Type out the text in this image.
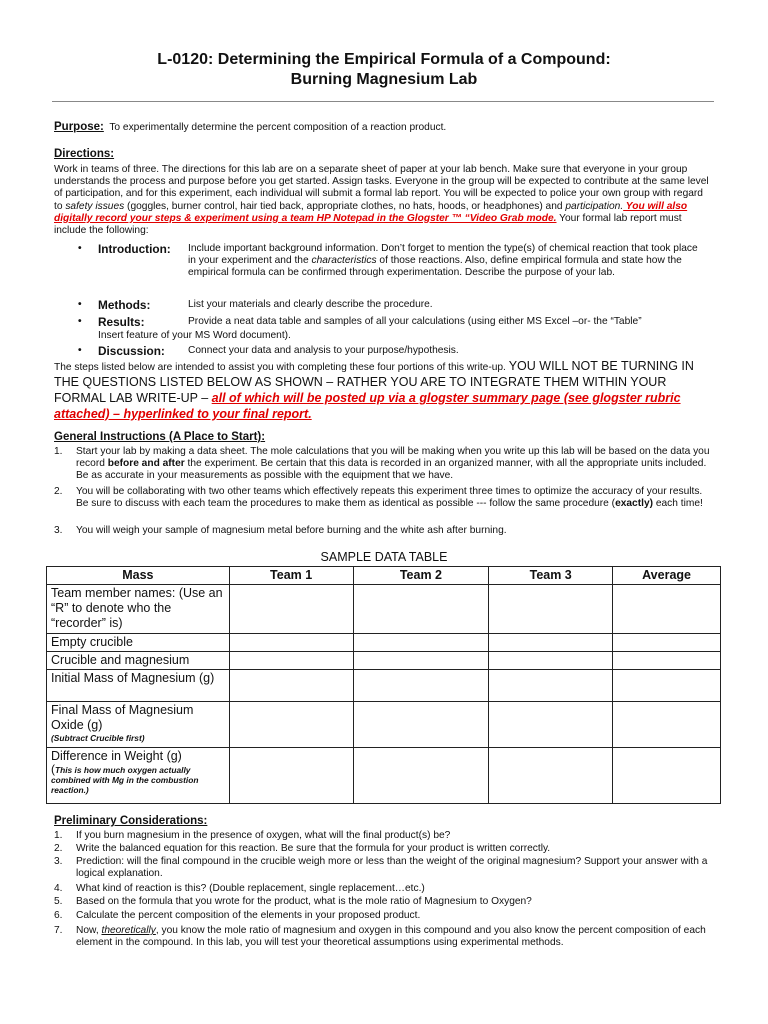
L-0120: Determining the Empirical Formula of a Compound:

Burning Magnesium Lab

Purpose: To experimentally determine the percent composition of a reaction product.

Directions:

Work in teams of three. The directions for this lab are on a separate sheet of paper at your lab bench. Make sure that everyone in your group understands the process and purpose before you get started. Assign tasks. Everyone in the group will be expected to contribute at the same level of participation, and for this experiment, each individual will submit a formal lab report. You will be expected to police your own group with regard to safety issues (goggles, burner control, hair tied back, appropriate clothes, no hats, hoods, or headphones) and participation. You will also digitally record your steps & experiment using a team HP Notepad in the Glogster ™ “Video Grab mode. Your formal lab report must include the following:

• Introduction: Include important background information. Don’t forget to mention the type(s) of chemical reaction that took place in your experiment and the characteristics of those reactions. Also, define empirical formula and state how the empirical formula can be confirmed through experimentation. Describe the purpose of your lab.
• Methods:	List your materials and clearly describe the procedure.
• Results:	Provide a neat data table and samples of all your calculations (using either MS Excel –or- the “Table”

Insert feature of your MS Word document).

• Discussion: Connect your data and analysis to your purpose/hypothesis.

The steps listed below are intended to assist you with completing these four portions of this write-up. YOU WILL NOT BE TURNING IN THE QUESTIONS LISTED BELOW AS SHOWN – RATHER YOU ARE TO INTEGRATE THEM WITHIN YOUR FORMAL LAB WRITE-UP – all of which will be posted up via a glogster summary page (see glogster rubric attached) – hyperlinked to your final report.

General Instructions (A Place to Start):

1. Start your lab by making a data sheet. The mole calculations that you will be making when you write up this lab will be based on the data you record before and after the experiment. Be certain that this data is recorded in an organized manner, with all the appropriate units included. Be as accurate in your measurements as possible with the equipment that we have.
2. You will be collaborating with two other teams which effectively repeats this experiment three times to optimize the accuracy of your results. Be sure to discuss with each team the procedures to make them as identical as possible --- follow the same procedure (exactly) each time!
3. You will weigh your sample of magnesium metal before burning and the white ash after burning.
SAMPLE DATA TABLE
Mass	Team 1	Team 2	Team 3	Average
Team member names: (Use an “R” to denote who the “recorder” is)				
Empty crucible				
Crucible and magnesium				
Initial Mass of Magnesium (g)				
Final Mass of Magnesium Oxide (g)
(Subtract Crucible first)				

Difference in Weight (g)
(This is how much oxygen actually combined with Mg in the combustion reaction.)				

Preliminary Considerations:

1. If you burn magnesium in the presence of oxygen, what will the final product(s) be?
2. Write the balanced equation for this reaction. Be sure that the formula for your product is written correctly.
3. Prediction: will the final compound in the crucible weigh more or less than the weight of the original magnesium? Support your answer with a logical explanation.
4. What kind of reaction is this? (Double replacement, single replacement…etc.)
5. Based on the formula that you wrote for the product, what is the mole ratio of Magnesium to Oxygen?
6. Calculate the percent composition of the elements in your proposed product.
7. Now, theoretically, you know the mole ratio of magnesium and oxygen in this compound and you also know the percent composition of each element in the compound. In this lab, you will test your theoretical assumptions using experimental methods.
